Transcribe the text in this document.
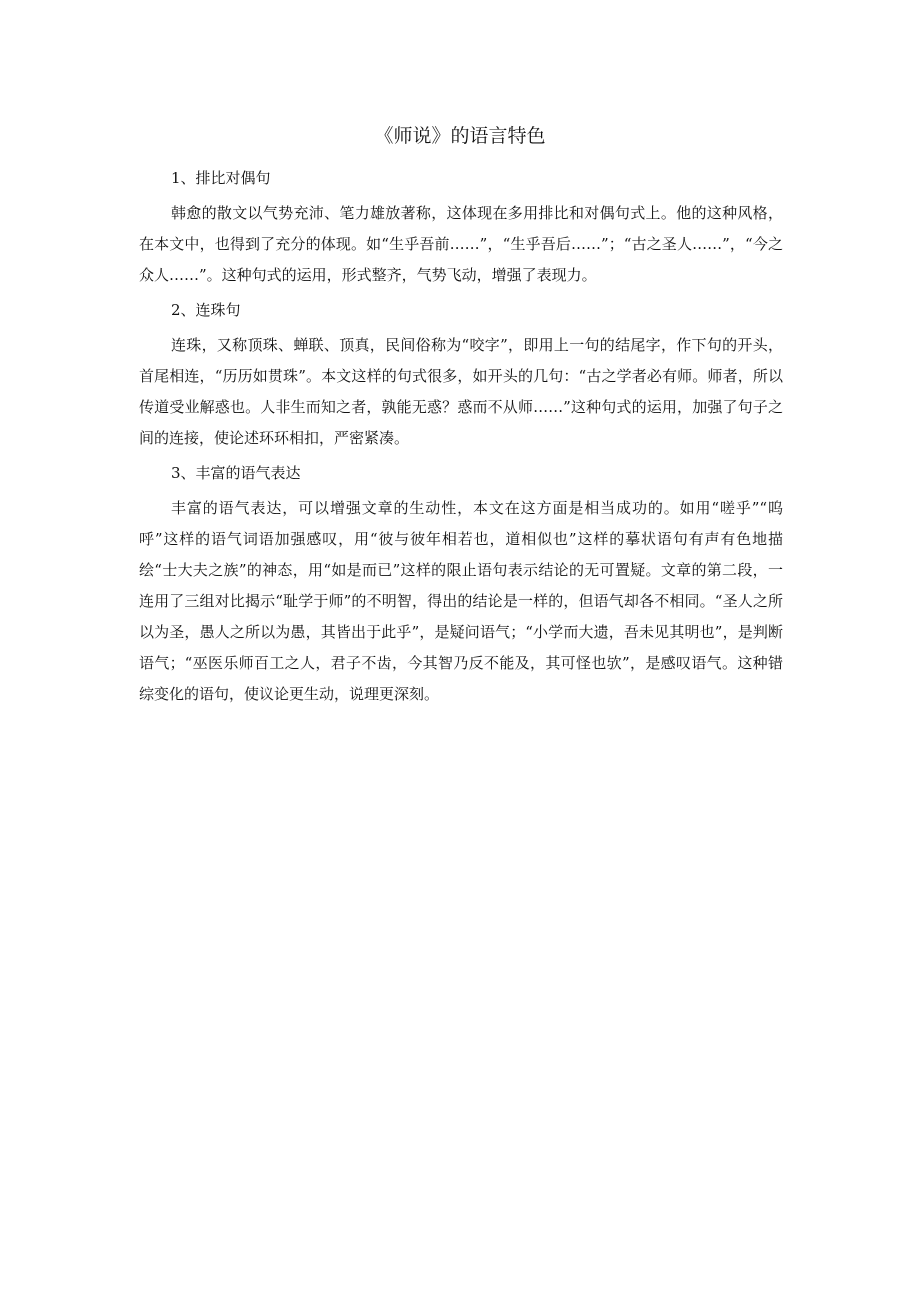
《师说》的语言特色

1、排比对偶句

韩愈的散文以气势充沛、笔力雄放著称，这体现在多用排比和对偶句式上。他的这种风格，在本文中，也得到了充分的体现。如“生乎吾前……”，“生乎吾后……”；“古之圣人……”，“今之众人……”。这种句式的运用，形式整齐，气势飞动，增强了表现力。

2、连珠句

连珠，又称顶珠、蝉联、顶真，民间俗称为“咬字”，即用上一句的结尾字，作下句的开头，首尾相连，“历历如贯珠”。本文这样的句式很多，如开头的几句：“古之学者必有师。师者，所以传道受业解惑也。人非生而知之者，孰能无惑？惑而不从师……”这种句式的运用，加强了句子之间的连接，使论述环环相扣，严密紧凑。

3、丰富的语气表达

丰富的语气表达，可以增强文章的生动性，本文在这方面是相当成功的。如用“嗟乎”“呜呼”这样的语气词语加强感叹，用“彼与彼年相若也，道相似也”这样的摹状语句有声有色地描绘“士大夫之族”的神态，用“如是而已”这样的限止语句表示结论的无可置疑。文章的第二段，一连用了三组对比揭示“耻学于师”的不明智，得出的结论是一样的，但语气却各不相同。“圣人之所以为圣，愚人之所以为愚，其皆出于此乎”，是疑问语气；“小学而大遗，吾未见其明也”，是判断语气；“巫医乐师百工之人，君子不齿，今其智乃反不能及，其可怪也欤”，是感叹语气。这种错综变化的语句，使议论更生动，说理更深刻。
